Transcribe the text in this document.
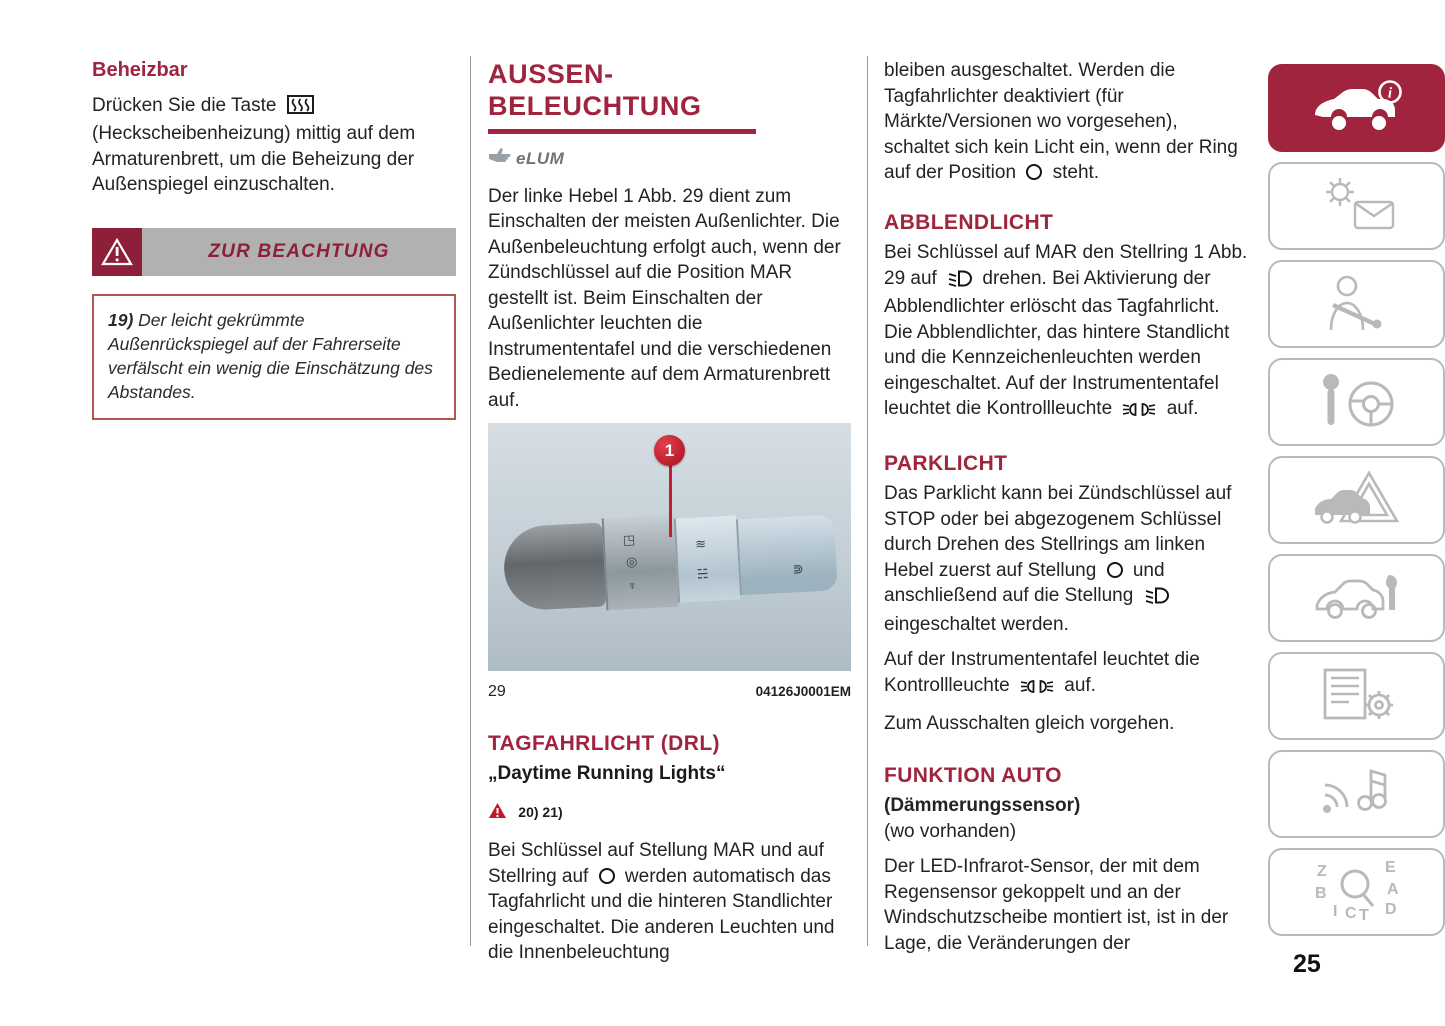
Beheizbar

Drücken Sie die Taste  (Heckscheibenheizung) mittig auf dem Armaturenbrett, um die Beheizung der Außenspiegel einzuschalten.

ZUR BEACHTUNG
19) Der leicht gekrümmte Außenrückspiegel auf der Fahrerseite verfälscht ein wenig die Einschätzung des Abstandes.
AUSSEN-
BELEUCHTUNG
eLUM

Der linke Hebel 1 Abb. 29 dient zum Einschalten der meisten Außenlichter. Die Außenbeleuchtung erfolgt auch, wenn der Zündschlüssel auf die Position MAR gestellt ist. Beim Einschalten der Außenlichter leuchten die Instrumententafel und die verschiedenen Bedienelemente auf dem Armaturenbrett auf.

◳
◎
♆
≋
☵	⋑
1
29	04126J0001EM
TAGFAHRLICHT (DRL)
„Daytime Running Lights“
20) 21)

Bei Schlüssel auf Stellung MAR und auf Stellring auf werden automatisch das Tagfahrlicht und die hinteren Standlichter eingeschaltet. Die anderen Leuchten und die Innenbeleuchtung

bleiben ausgeschaltet. Werden die Tagfahrlichter deaktiviert (für Märkte/Versionen wo vorgesehen), schaltet sich kein Licht ein, wenn der Ring auf der Position steht.

ABBLENDLICHT

Bei Schlüssel auf MAR den Stellring 1 Abb. 29 auf drehen. Bei Aktivierung der Abblendlichter erlöscht das Tagfahrlicht. Die Abblendlichter, das hintere Standlicht und die Kennzeichenleuchten werden eingeschaltet. Auf der Instrumententafel leuchtet die Kontrollleuchte	auf.

PARKLICHT

Das Parklicht kann bei Zündschlüssel auf STOP oder bei abgezogenem Schlüssel durch Drehen des Stellrings am linken Hebel zuerst auf Stellung und anschließend auf die Stellung  eingeschaltet werden.

Auf der Instrumententafel leuchtet die Kontrollleuchte	auf.

Zum Ausschalten gleich vorgehen.

FUNKTION AUTO
(Dämmerungssensor)
(wo vorhanden)

Der LED-Infrarot-Sensor, der mit dem Regensensor gekoppelt und an der Windschutzscheibe montiert ist, ist in der Lage, die Veränderungen der

i
Z	E
B	A
I C T D
25
